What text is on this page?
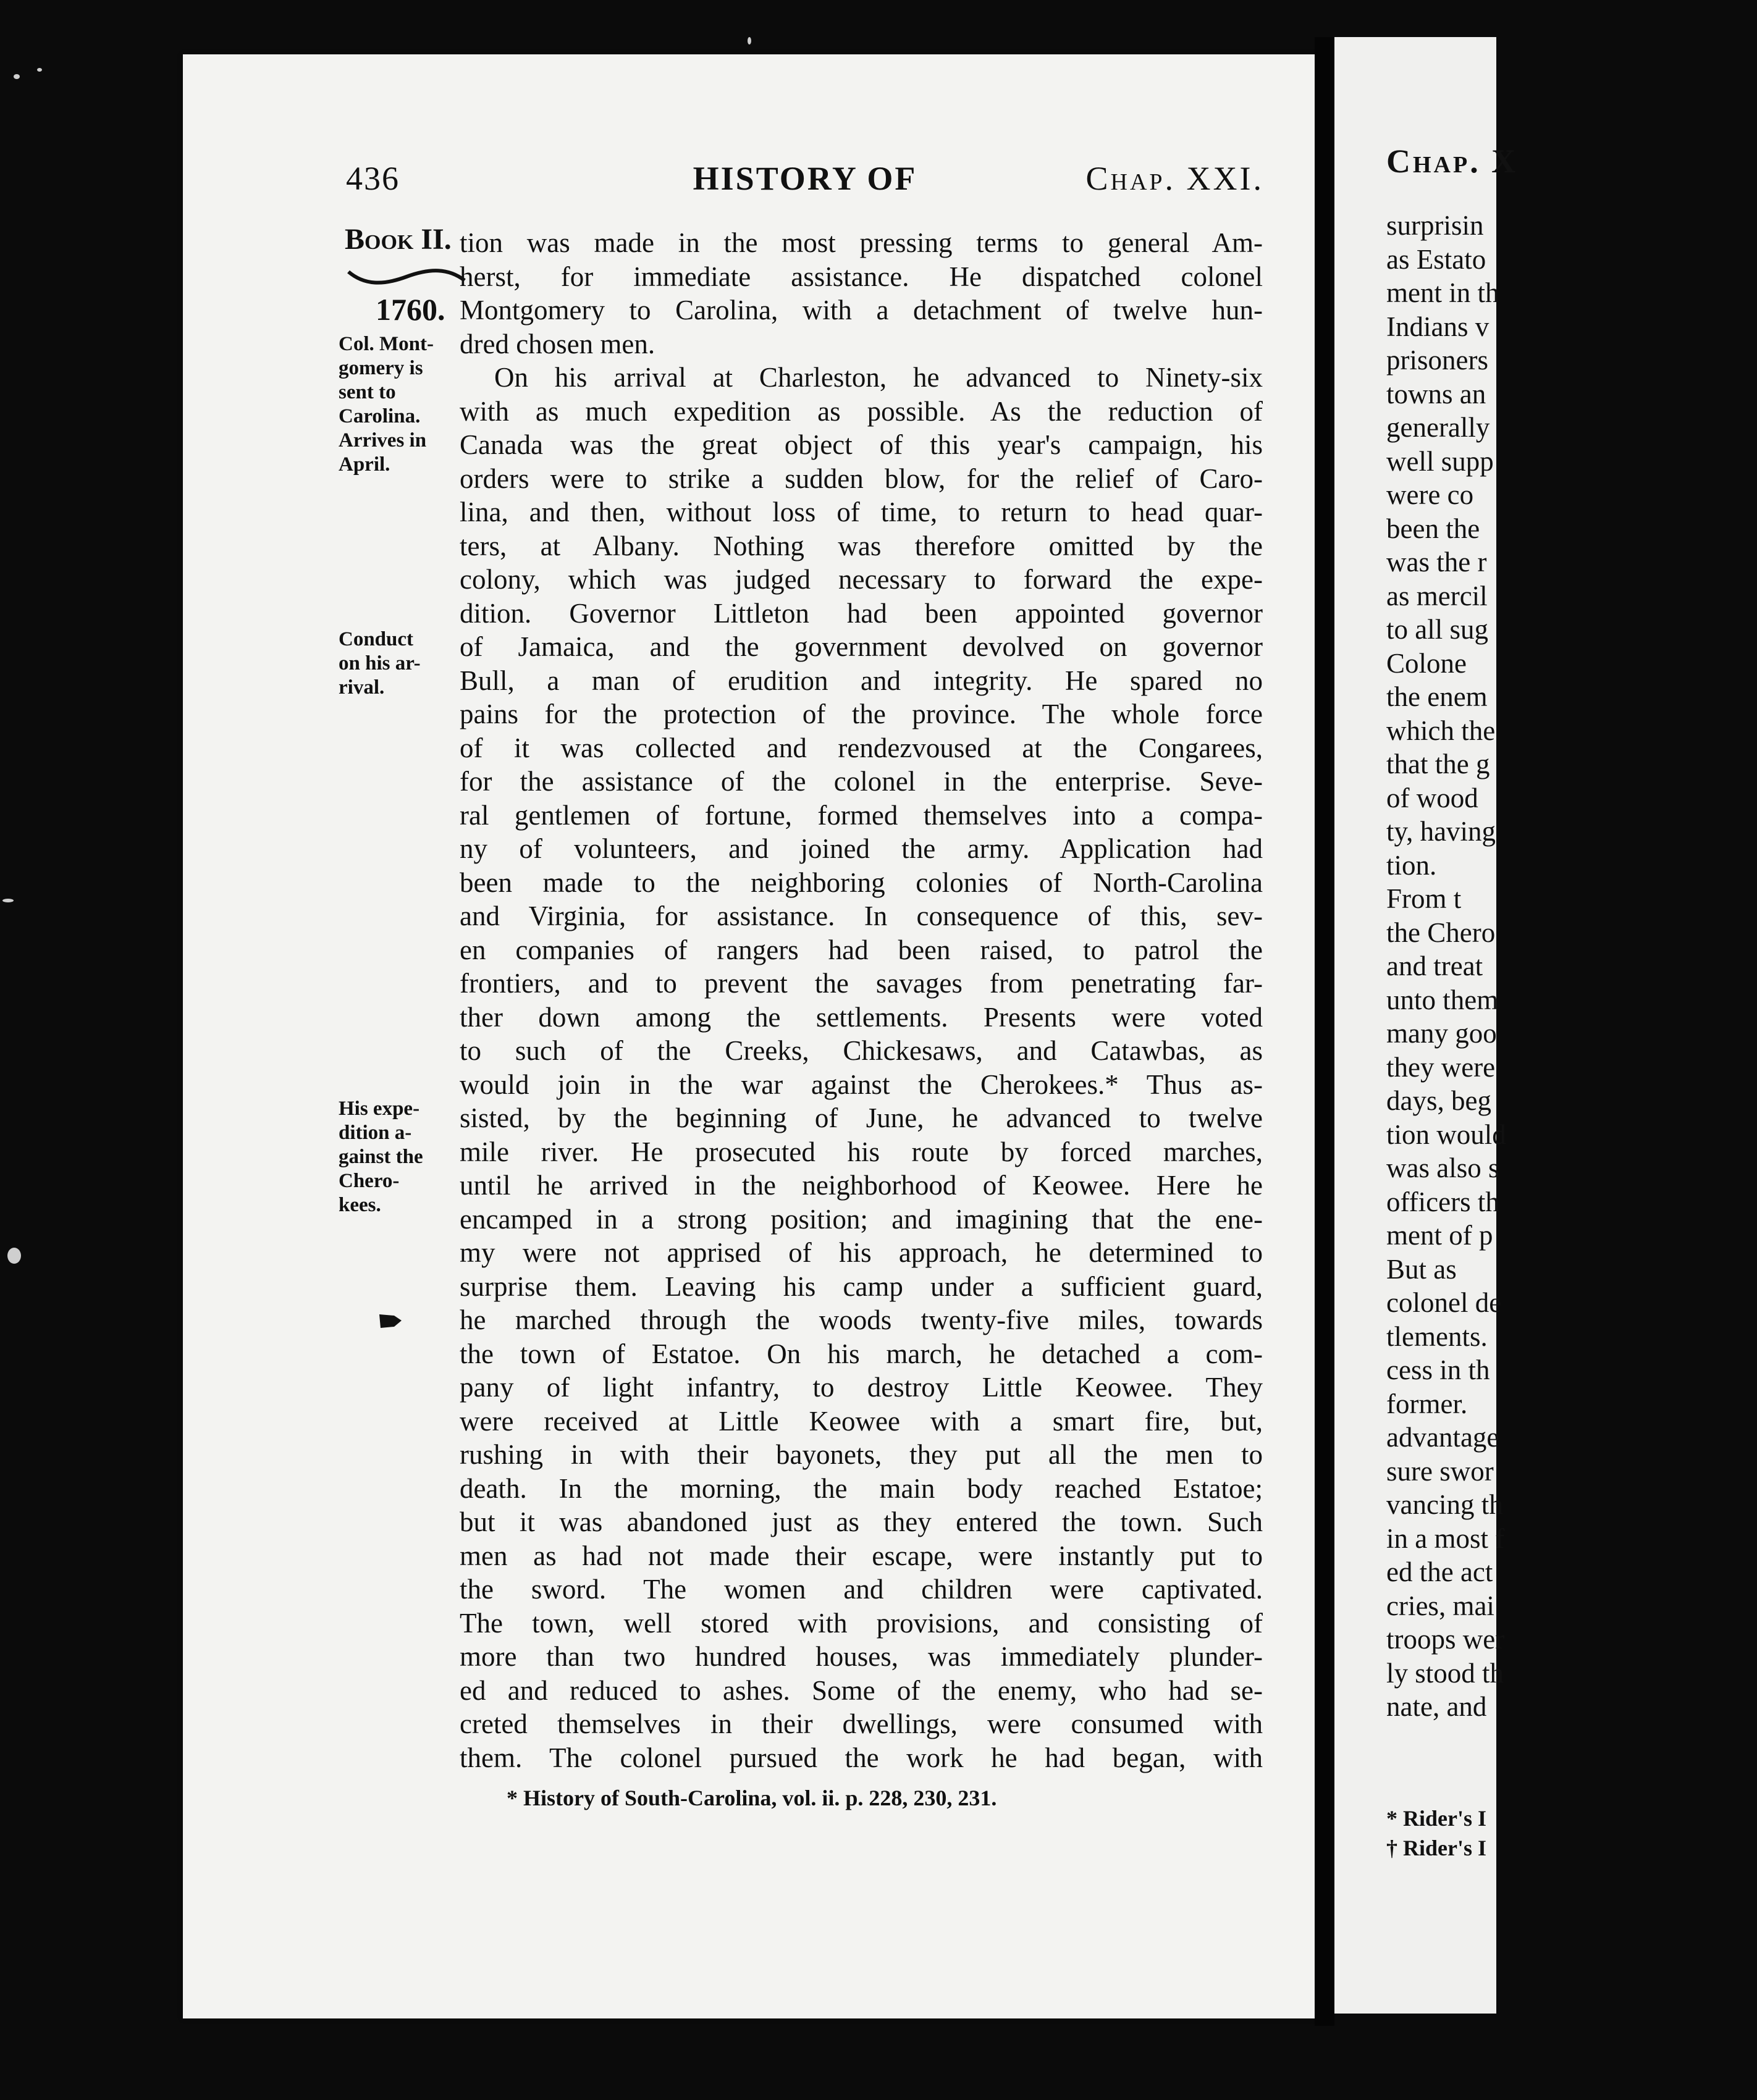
Chap. X
surprisin
as Estato
ment in th
Indians v
prisoners
towns an
generally
well supp
were co
been the
was the r
as mercil
to all sug
Colone
the enem
which the
that the g
of wood
ty, having
tion.
From t
the Chero
and treat
unto them
many goo
they were
days, beg
tion would
was also s
officers th
ment of p
But as
colonel de
tlements.
cess in th
former.
advantage
sure swor
vancing th
in a most f
ed the act
cries, mai
troops wer
ly stood th
nate, and
* Rider's I
† Rider's I
436	HISTORY OF	Chap. XXI.
Book II.
1760.
Col. Mont-
gomery is
sent to
Carolina.
Arrives in
April.
Conduct
on his ar-
rival.
His expe-
dition a-
gainst the
Chero-
kees.
tion was made in the most pressing terms to general Am-
herst, for immediate assistance. He dispatched colonel
Montgomery to Carolina, with a detachment of twelve hun-
dred chosen men.
On his arrival at Charleston, he advanced to Ninety-six
with as much expedition as possible. As the reduction of
Canada was the great object of this year's campaign, his
orders were to strike a sudden blow, for the relief of Caro-
lina, and then, without loss of time, to return to head quar-
ters, at Albany. Nothing was therefore omitted by the
colony, which was judged necessary to forward the expe-
dition. Governor Littleton had been appointed governor
of Jamaica, and the government devolved on governor
Bull, a man of erudition and integrity. He spared no
pains for the protection of the province. The whole force
of it was collected and rendezvoused at the Congarees,
for the assistance of the colonel in the enterprise. Seve-
ral gentlemen of fortune, formed themselves into a compa-
ny of volunteers, and joined the army. Application had
been made to the neighboring colonies of North-Carolina
and Virginia, for assistance. In consequence of this, sev-
en companies of rangers had been raised, to patrol the
frontiers, and to prevent the savages from penetrating far-
ther down among the settlements. Presents were voted
to such of the Creeks, Chickesaws, and Catawbas, as
would join in the war against the Cherokees.* Thus as-
sisted, by the beginning of June, he advanced to twelve
mile river. He prosecuted his route by forced marches,
until he arrived in the neighborhood of Keowee. Here he
encamped in a strong position; and imagining that the ene-
my were not apprised of his approach, he determined to
surprise them. Leaving his camp under a sufficient guard,
he marched through the woods twenty-five miles, towards
the town of Estatoe. On his march, he detached a com-
pany of light infantry, to destroy Little Keowee. They
were received at Little Keowee with a smart fire, but,
rushing in with their bayonets, they put all the men to
death. In the morning, the main body reached Estatoe;
but it was abandoned just as they entered the town. Such
men as had not made their escape, were instantly put to
the sword. The women and children were captivated.
The town, well stored with provisions, and consisting of
more than two hundred houses, was immediately plunder-
ed and reduced to ashes. Some of the enemy, who had se-
creted themselves in their dwellings, were consumed with
them. The colonel pursued the work he had began, with
* History of South-Carolina, vol. ii. p. 228, 230, 231.
